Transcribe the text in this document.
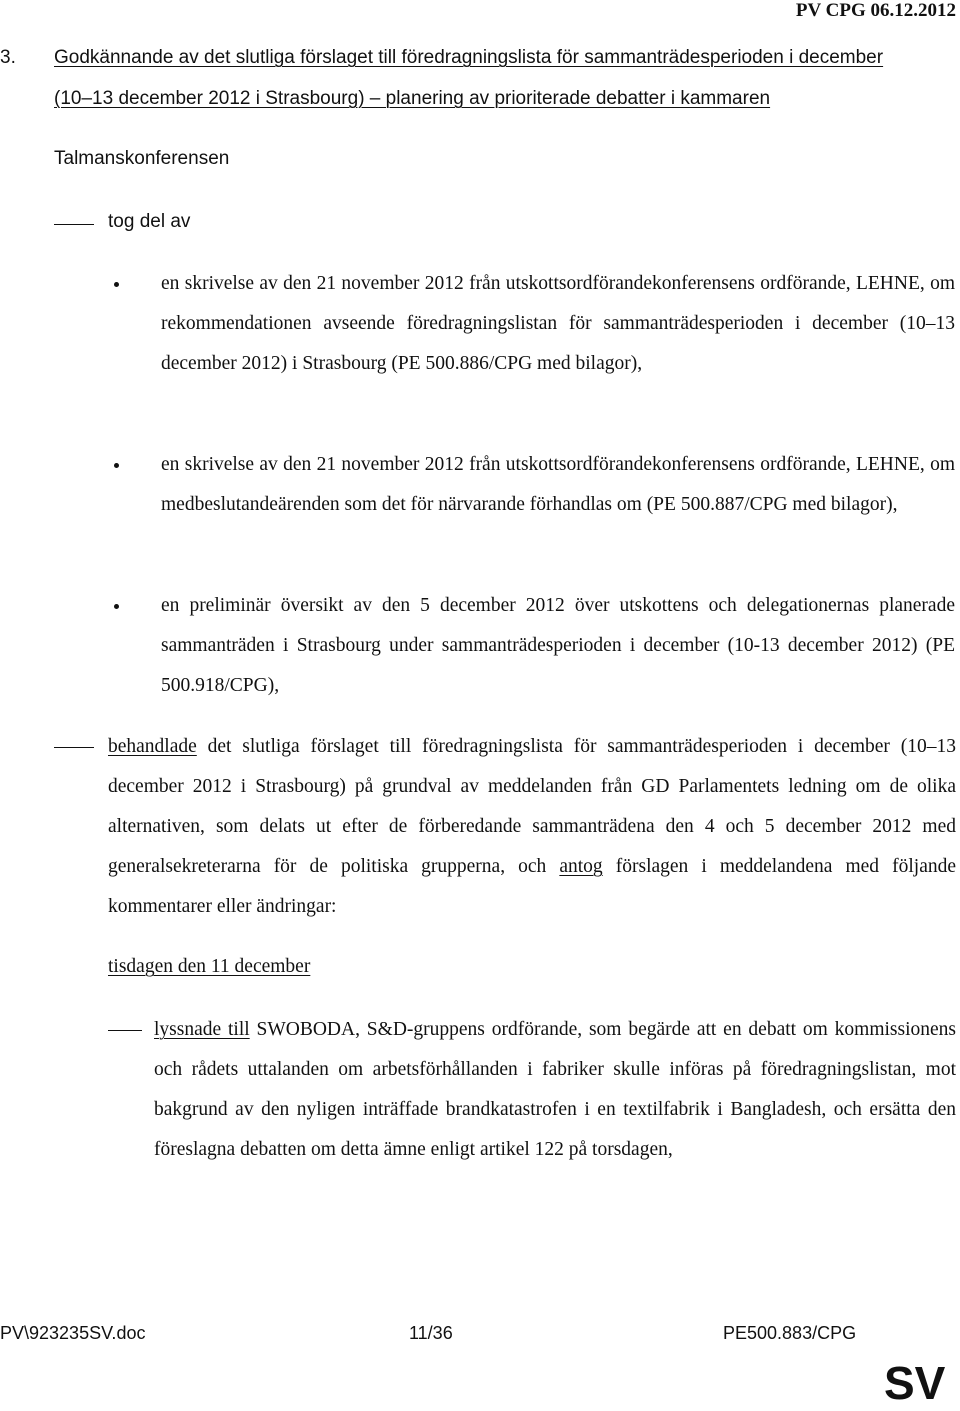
PV CPG 06.12.2012
3. Godkännande av det slutliga förslaget till föredragningslista för sammanträdesperioden i december
(10–13 december 2012 i Strasbourg) – planering av prioriterade debatter i kammaren
Talmanskonferensen
tog del av
en skrivelse av den 21 november 2012 från utskottsordförandekonferensens ordförande, LEHNE, om rekommendationen avseende föredragningslistan för sammanträdesperioden i december (10–13 december 2012) i Strasbourg (PE 500.886/CPG med bilagor),
en skrivelse av den 21 november 2012 från utskottsordförandekonferensens ordförande, LEHNE, om medbeslutandeärenden som det för närvarande förhandlas om (PE 500.887/CPG med bilagor),
en preliminär översikt av den 5 december 2012 över utskottens och delegationernas planerade sammanträden i Strasbourg under sammanträdesperioden i december (10-13 december 2012) (PE 500.918/CPG),
behandlade det slutliga förslaget till föredragningslista för sammanträdesperioden i december (10–13 december 2012 i Strasbourg) på grundval av meddelanden från GD Parlamentets ledning om de olika alternativen, som delats ut efter de förberedande sammanträdena den 4 och 5 december 2012 med generalsekreterarna för de politiska grupperna, och antog förslagen i meddelandena med följande kommentarer eller ändringar:
tisdagen den 11 december
lyssnade till SWOBODA, S&D-gruppens ordförande, som begärde att en debatt om kommissionens och rådets uttalanden om arbetsförhållanden i fabriker skulle införas på föredragningslistan, mot bakgrund av den nyligen inträffade brandkatastrofen i en textilfabrik i Bangladesh, och ersätta den föreslagna debatten om detta ämne enligt artikel 122 på torsdagen,
PV\923235SV.doc	11/36	PE500.883/CPG
SV
